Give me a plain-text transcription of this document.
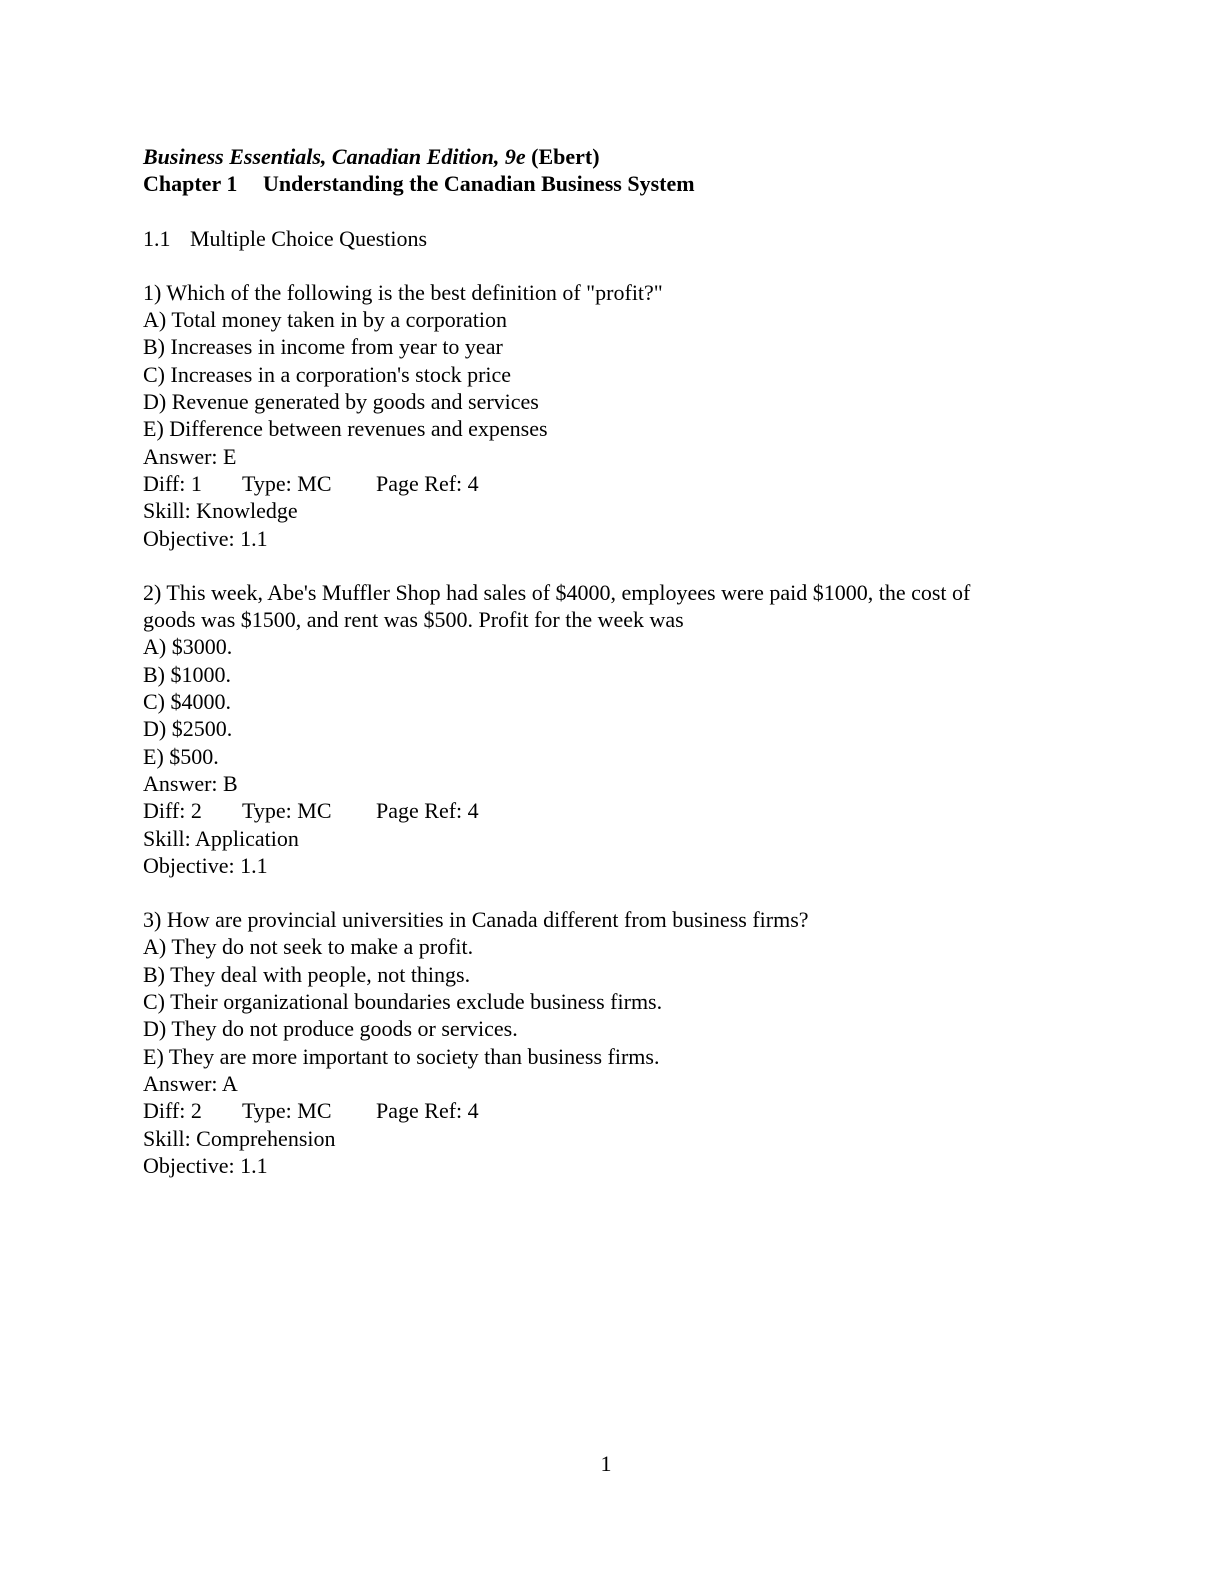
Business Essentials, Canadian Edition, 9e (Ebert)
Chapter 1 Understanding the Canadian Business System
1.1 Multiple Choice Questions
1) Which of the following is the best definition of "profit?"
A) Total money taken in by a corporation
B) Increases in income from year to year
C) Increases in a corporation's stock price
D) Revenue generated by goods and services
E) Difference between revenues and expenses
Answer: E
Diff: 1 Type: MC Page Ref: 4
Skill: Knowledge
Objective: 1.1
2) This week, Abe's Muffler Shop had sales of $4000, employees were paid $1000, the cost of
goods was $1500, and rent was $500. Profit for the week was
A) $3000.
B) $1000.
C) $4000.
D) $2500.
E) $500.
Answer: B
Diff: 2 Type: MC Page Ref: 4
Skill: Application
Objective: 1.1
3) How are provincial universities in Canada different from business firms?
A) They do not seek to make a profit.
B) They deal with people, not things.
C) Their organizational boundaries exclude business firms.
D) They do not produce goods or services.
E) They are more important to society than business firms.
Answer: A
Diff: 2 Type: MC Page Ref: 4
Skill: Comprehension
Objective: 1.1
1
